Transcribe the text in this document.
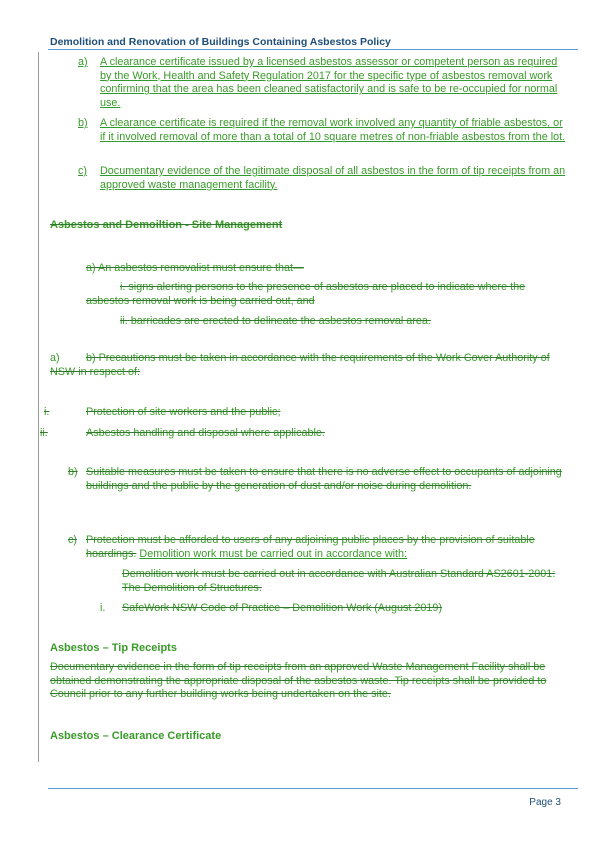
Demolition and Renovation of Buildings Containing Asbestos Policy
a) A clearance certificate issued by a licensed asbestos assessor or competent person as required by the Work, Health and Safety Regulation 2017 for the specific type of asbestos removal work confirming that the area has been cleaned satisfactorily and is safe to be re-occupied for normal use.
b) A clearance certificate is required if the removal work involved any quantity of friable asbestos, or if it involved removal of more than a total of 10 square metres of non-friable asbestos from the lot.
c) Documentary evidence of the legitimate disposal of all asbestos in the form of tip receipts from an approved waste management facility.
Asbestos and Demoiltion - Site Management
a) An asbestos removalist must ensure that—
i. signs alerting persons to the presence of asbestos are placed to indicate where the asbestos removal work is being carried out, and
ii. barricades are erected to delineate the asbestos removal area.
a)	b) Precautions must be taken in accordance with the requirements of the Work Cover Authority of NSW in respect of:
i.	Protection of site workers and the public;
ii.	Asbestos handling and disposal where applicable.
b) Suitable measures must be taken to ensure that there is no adverse effect to occupants of adjoining buildings and the public by the generation of dust and/or noise during demolition.
c) Protection must be afforded to users of any adjoining public places by the provision of suitable hoardings. Demolition work must be carried out in accordance with:
Demolition work must be carried out in accordance with Australian Standard AS2601-2001: The Demolition of Structures.
i. SafeWork NSW Code of Practice – Demolition Work (August 2019)
Asbestos – Tip Receipts
Documentary evidence in the form of tip receipts from an approved Waste Management Facility shall be obtained demonstrating the appropriate disposal of the asbestos waste. Tip receipts shall be provided to Council prior to any further building works being undertaken on the site.
Asbestos – Clearance Certificate
Page 3
